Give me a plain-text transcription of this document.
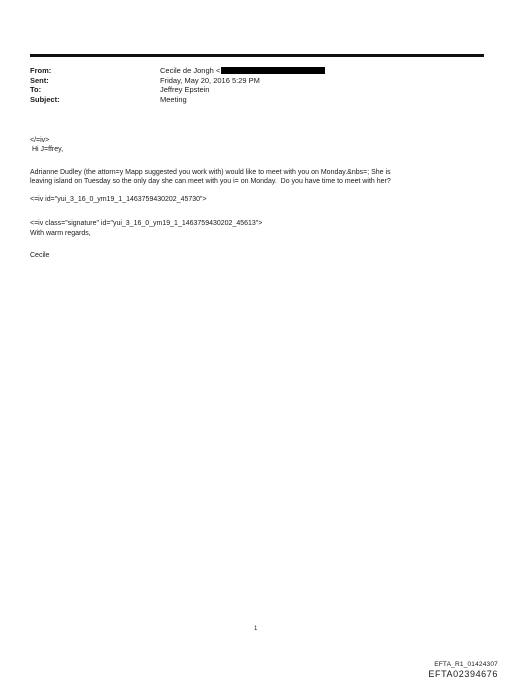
From:	Cecile de Jongh <
Sent:	Friday, May 20, 2016 5:29 PM
To:	Jeffrey Epstein
Subject:	Meeting

</=iv>

Hi J=ffrey,

Adrianne Dudley (the attorn=y Mapp suggested you work with) would like to meet with you on Monday.&nbs=; She is

leaving island on Tuesday so the only day she can meet with you i= on Monday.  Do you have time to meet with her?

<=iv id="yui_3_16_0_ym19_1_1463759430202_45730">

<=iv class="signature" id="yui_3_16_0_ym19_1_1463759430202_45613">

With warm regards,

Cecile

1
EFTA_R1_01424307
EFTA02394676
